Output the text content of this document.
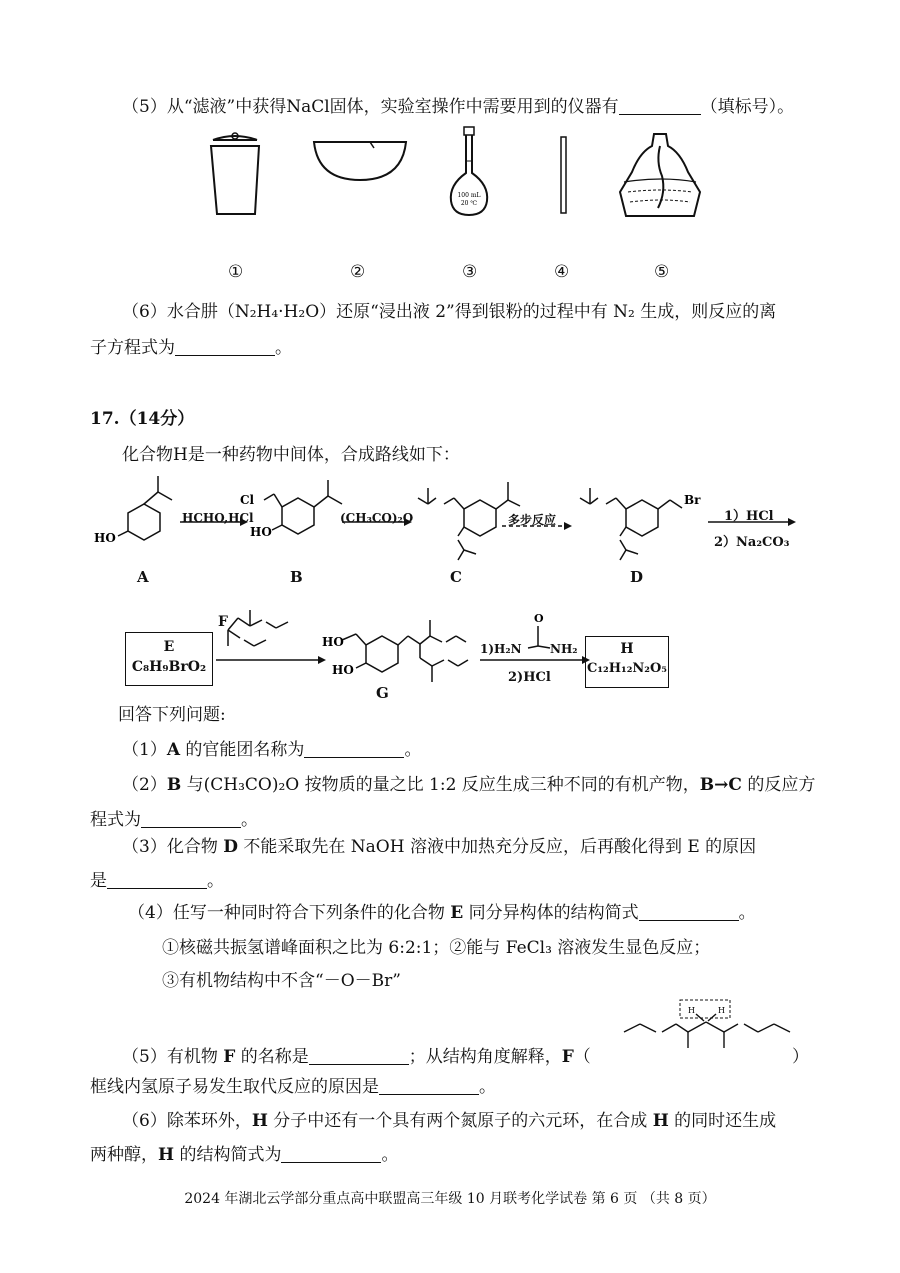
（5）从“滤液”中获得NaCl固体，实验室操作中需要用到的仪器有	（填标号）。
100 mL
20 ℃
①	②	③	④	⑤
（6）水合肼（N₂H₄·H₂O）还原“浸出液 2”得到银粉的过程中有 N₂ 生成，则反应的离
子方程式为	。
17.（14分）
化合物H是一种药物中间体，合成路线如下：
HO
Cl
HO
Br
HCHO,HCl	(CH₃CO)₂O	多步反应	1）HCl
2）Na₂CO₃
A	B	C	D
E
C₈H₉BrO₂
F
HO
HO
O
1)H₂N NH₂
2)HCl
G
H
C₁₂H₁₂N₂O₅
回答下列问题:
（1）A 的官能团名称为	。
（2）B 与(CH₃CO)₂O 按物质的量之比 1:2 反应生成三种不同的有机产物，B→C 的反应方
程式为	。
（3）化合物 D 不能采取先在 NaOH 溶液中加热充分反应，后再酸化得到 E 的原因
是	。
（4）任写一种同时符合下列条件的化合物 E 同分异构体的结构简式	。
①核磁共振氢谱峰面积之比为 6:2:1；②能与 FeCl₃ 溶液发生显色反应；
③有机物结构中不含“－O－Br”
（5）有机物 F 的名称是	；从结构角度解释，F（	）
H	H
框线内氢原子易发生取代反应的原因是	。
（6）除苯环外，H 分子中还有一个具有两个氮原子的六元环，在合成 H 的同时还生成
两种醇，H 的结构简式为	。
2024 年湖北云学部分重点高中联盟高三年级 10 月联考化学试卷 第 6 页 （共 8 页）
